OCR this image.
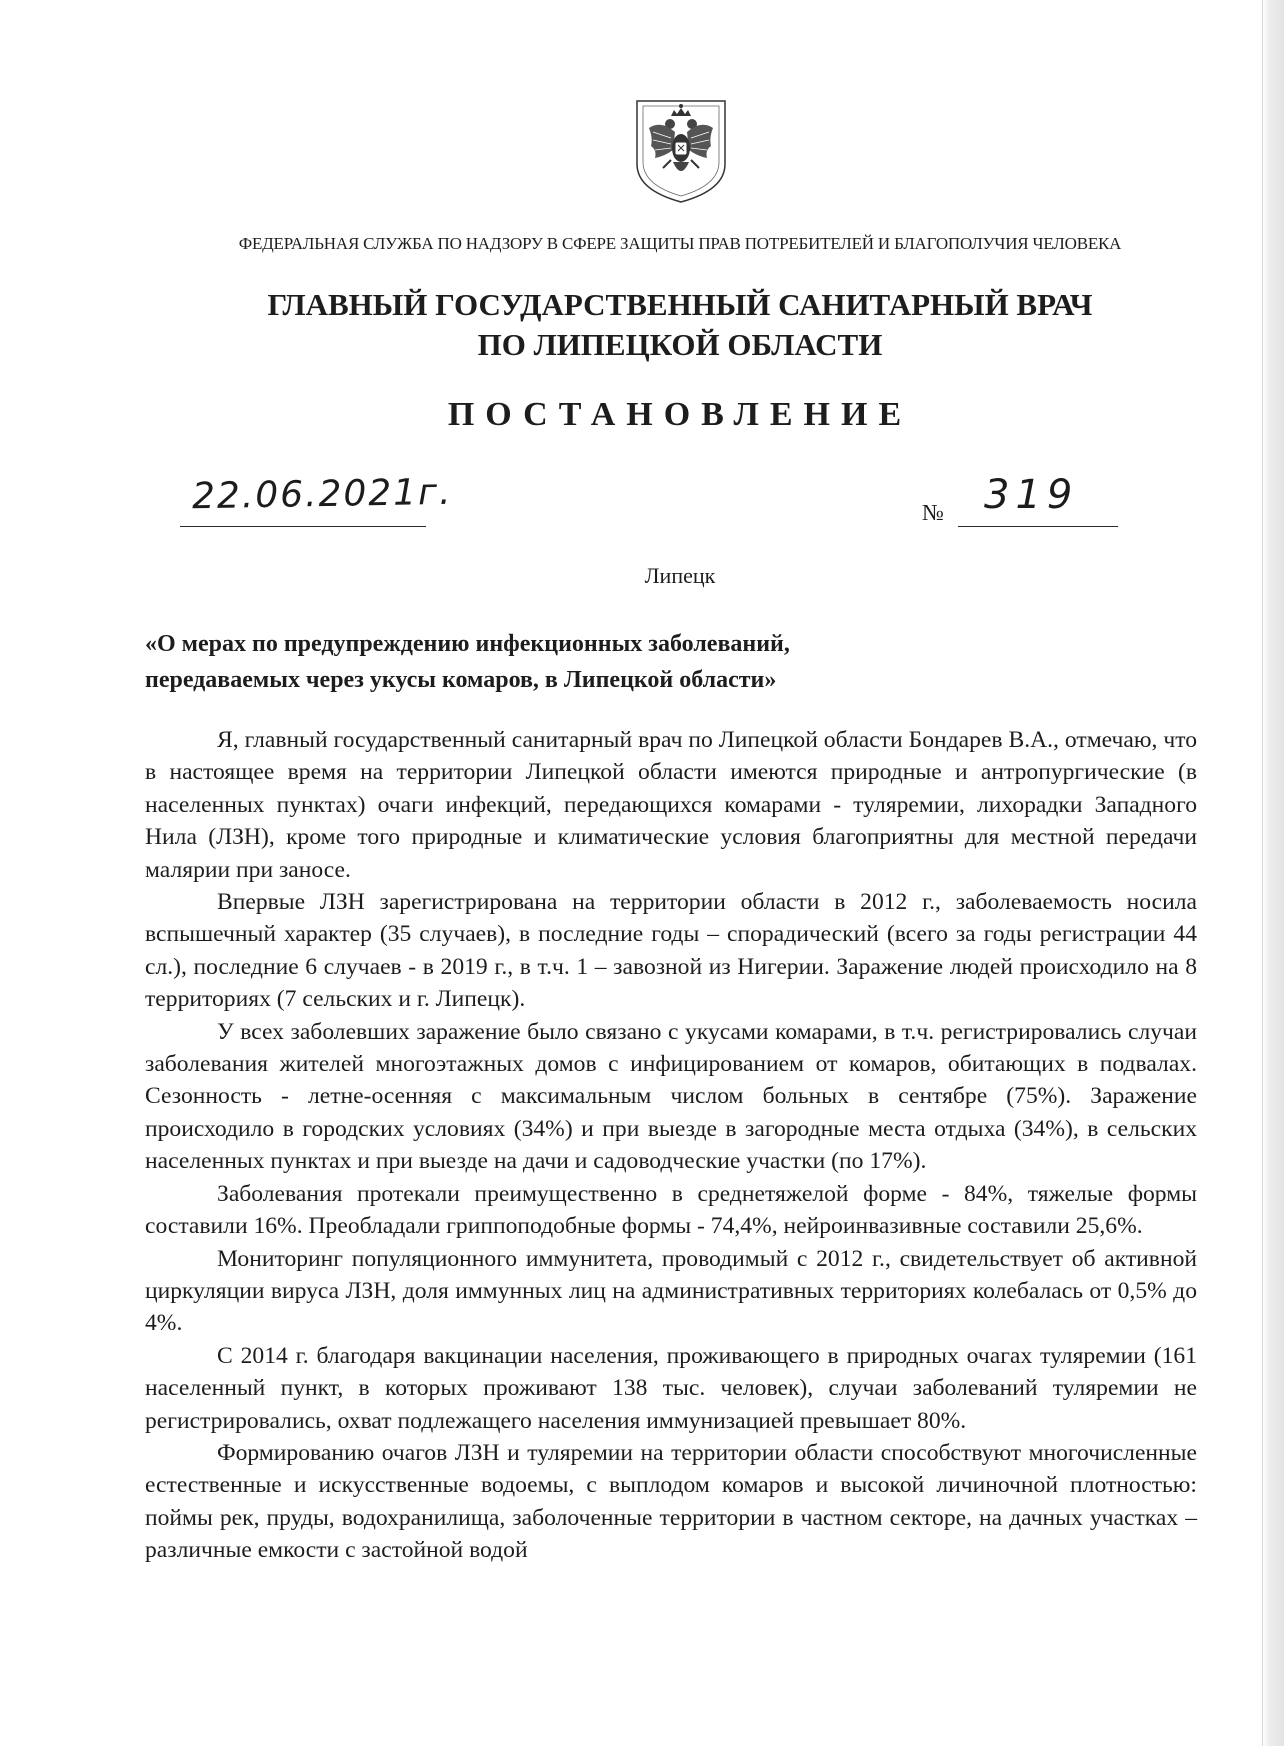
ФЕДЕРАЛЬНАЯ СЛУЖБА ПО НАДЗОРУ В СФЕРЕ ЗАЩИТЫ ПРАВ ПОТРЕБИТЕЛЕЙ И БЛАГОПОЛУЧИЯ ЧЕЛОВЕКА
ГЛАВНЫЙ ГОСУДАРСТВЕННЫЙ САНИТАРНЫЙ ВРАЧ
ПО ЛИПЕЦКОЙ ОБЛАСТИ
ПОСТАНОВЛЕНИЕ
22.06.2021г.	№ 319
Липецк
«О мерах по предупреждению инфекционных заболеваний,
передаваемых через укусы комаров, в Липецкой области»

Я, главный государственный санитарный врач по Липецкой области Бондарев В.А., отмечаю, что в настоящее время на территории Липецкой области имеются природные и антропургические (в населенных пунктах) очаги инфекций, передающихся комарами - туляремии, лихорадки Западного Нила (ЛЗН), кроме того природные и климатические условия благоприятны для местной передачи малярии при заносе.

Впервые ЛЗН зарегистрирована на территории области в 2012 г., заболеваемость носила вспышечный характер (35 случаев), в последние годы – спорадический (всего за годы регистрации 44 сл.), последние 6 случаев - в 2019 г., в т.ч. 1 – завозной из Нигерии. Заражение людей происходило на 8 территориях (7 сельских и г. Липецк).

У всех заболевших заражение было связано с укусами комарами, в т.ч. регистрировались случаи заболевания жителей многоэтажных домов с инфицированием от комаров, обитающих в подвалах. Сезонность - летне-осенняя с максимальным числом больных в сентябре (75%). Заражение происходило в городских условиях (34%) и при выезде в загородные места отдыха (34%), в сельских населенных пунктах и при выезде на дачи и садоводческие участки (по 17%).

Заболевания протекали преимущественно в среднетяжелой форме - 84%, тяжелые формы составили 16%. Преобладали гриппоподобные формы - 74,4%, нейроинвазивные составили 25,6%.

Мониторинг популяционного иммунитета, проводимый с 2012 г., свидетельствует об активной циркуляции вируса ЛЗН, доля иммунных лиц на административных территориях колебалась от 0,5% до 4%.

С 2014 г. благодаря вакцинации населения, проживающего в природных очагах туляремии (161 населенный пункт, в которых проживают 138 тыс. человек), случаи заболеваний туляремии не регистрировались, охват подлежащего населения иммунизацией превышает 80%.

Формированию очагов ЛЗН и туляремии на территории области способствуют многочисленные естественные и искусственные водоемы, с выплодом комаров и высокой личиночной плотностью: поймы рек, пруды, водохранилища, заболоченные территории в частном секторе, на дачных участках – различные емкости с застойной водой
